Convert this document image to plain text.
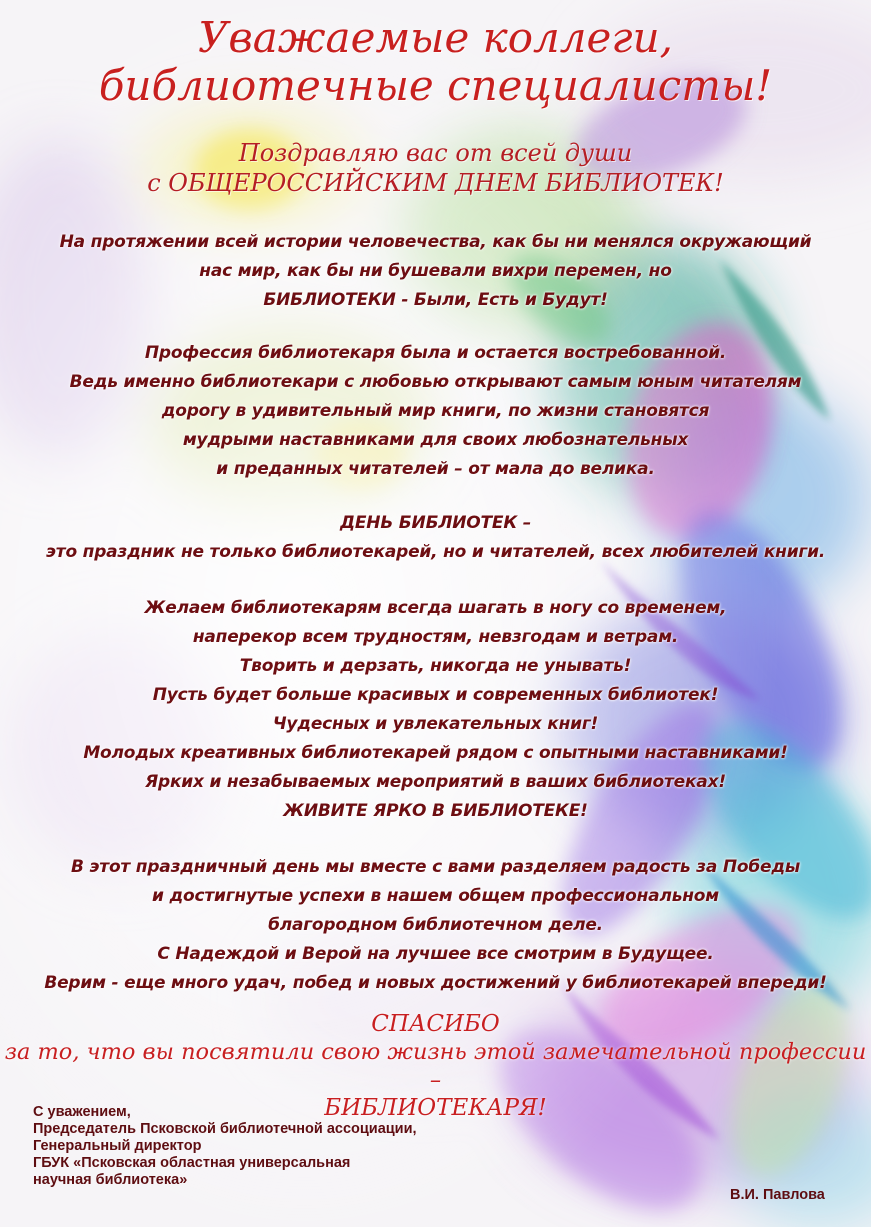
Уважаемые коллеги,
библиотечные специалисты!
Поздравляю вас от всей души
с ОБЩЕРОССИЙСКИМ ДНЕМ БИБЛИОТЕК!
На протяжении всей истории человечества, как бы ни менялся окружающий
нас мир, как бы ни бушевали вихри перемен, но
БИБЛИОТЕКИ - Были, Есть и Будут!
Профессия библиотекаря была и остается востребованной.
Ведь именно библиотекари с любовью открывают самым юным читателям
дорогу в удивительный мир книги, по жизни становятся
мудрыми наставниками для своих любознательных
и преданных читателей – от мала до велика.
ДЕНЬ БИБЛИОТЕК –
это праздник не только библиотекарей, но и читателей, всех любителей книги.
Желаем библиотекарям всегда шагать в ногу со временем,
наперекор всем трудностям, невзгодам и ветрам.
Творить и дерзать, никогда не унывать!
Пусть будет больше красивых и современных библиотек!
Чудесных и увлекательных книг!
Молодых креативных библиотекарей рядом с опытными наставниками!
Ярких и незабываемых мероприятий в ваших библиотеках!
ЖИВИТЕ ЯРКО В БИБЛИОТЕКЕ!
В этот праздничный день мы вместе с вами разделяем радость за Победы
и достигнутые успехи в нашем общем профессиональном
благородном библиотечном деле.
С Надеждой и Верой на лучшее все смотрим в Будущее.
Верим - еще много удач, побед и новых достижений у библиотекарей впереди!
СПАСИБО
за то, что вы посвятили свою жизнь этой замечательной профессии –
БИБЛИОТЕКАРЯ!
С уважением,
Председатель Псковской библиотечной ассоциации,
Генеральный директор
ГБУК «Псковская областная универсальная
научная библиотека»
В.И. Павлова
